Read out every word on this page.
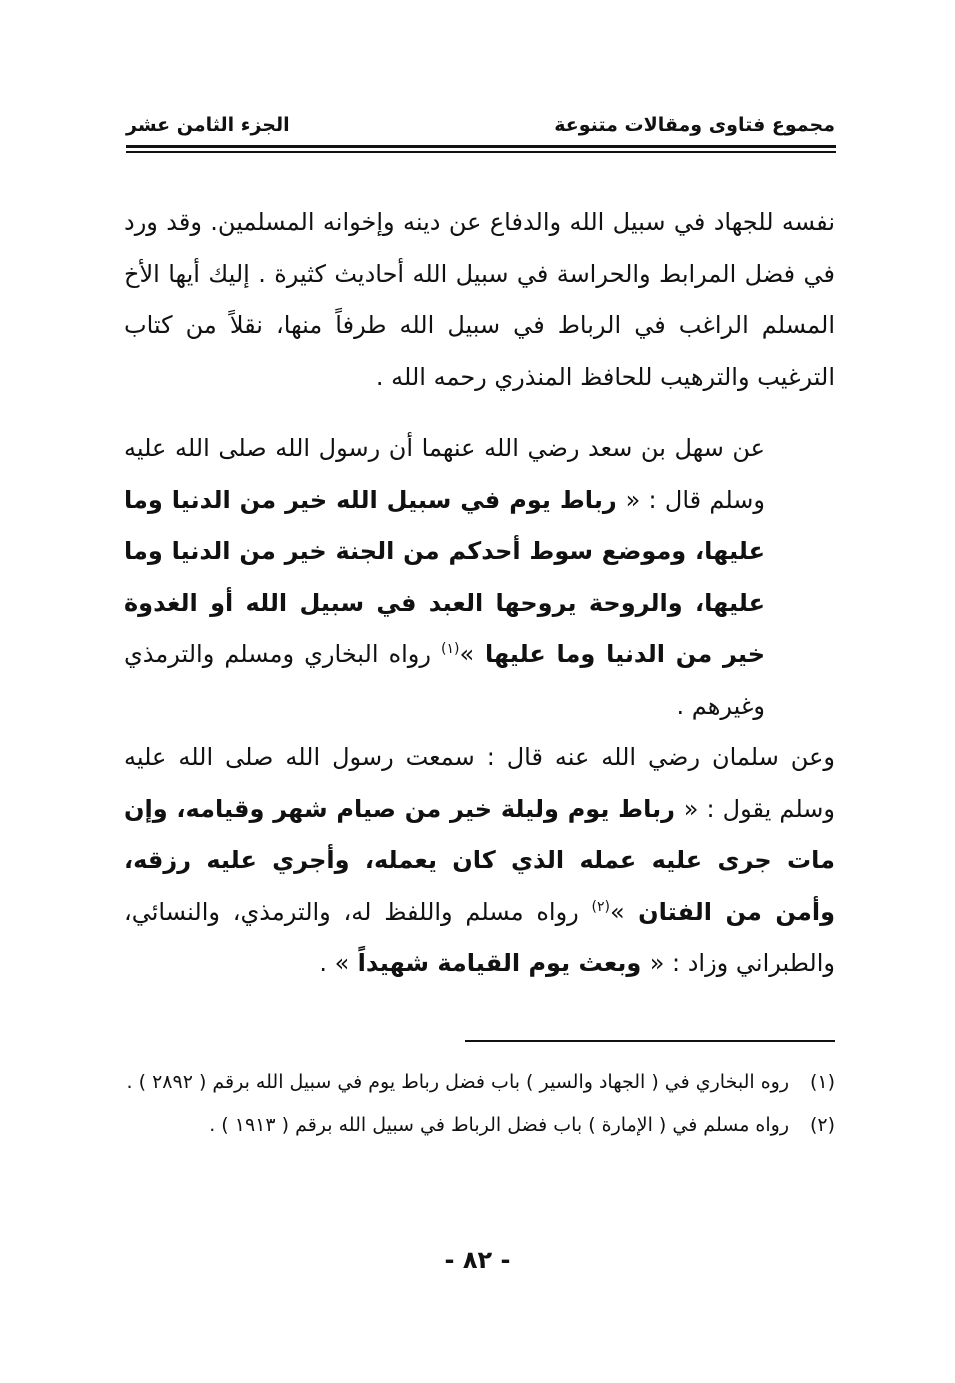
مجموع فتاوى ومقالات متنوعة
الجزء الثامن عشر

نفسه للجهاد في سبيل الله والدفاع عن دينه وإخوانه المسلمين. وقد ورد في فضل المرابط والحراسة في سبيل الله أحاديث كثيرة . إليك أيها الأخ المسلم الراغب في الرباط في سبيل الله طرفاً منها، نقلاً من كتاب الترغيب والترهيب للحافظ المنذري رحمه الله .

عن سهل بن سعد رضي الله عنهما أن رسول الله صلى الله عليه وسلم قال : « رباط يوم في سبيل الله خير من الدنيا وما عليها، وموضع سوط أحدكم من الجنة خير من الدنيا وما عليها، والروحة يروحها العبد في سبيل الله أو الغدوة خير من الدنيا وما عليها »$^{(١)}$ رواه البخاري ومسلم والترمذي وغيرهم .

وعن سلمان رضي الله عنه قال : سمعت رسول الله صلى الله عليه وسلم يقول : « رباط يوم وليلة خير من صيام شهر وقيامه، وإن مات جرى عليه عمله الذي كان يعمله، وأجري عليه رزقه، وأمن من الفتان »$^{(٢)}$ رواه مسلم واللفظ له، والترمذي، والنسائي، والطبراني وزاد : « وبعث يوم القيامة شهيداً » .

(١)
روه البخاري في ( الجهاد والسير ) باب فضل رباط يوم في سبيل الله برقم ( ٢٨٩٢ ) .
(٢)
رواه مسلم في ( الإمارة ) باب فضل الرباط في سبيل الله برقم ( ١٩١٣ ) .
- ٨٢ -
